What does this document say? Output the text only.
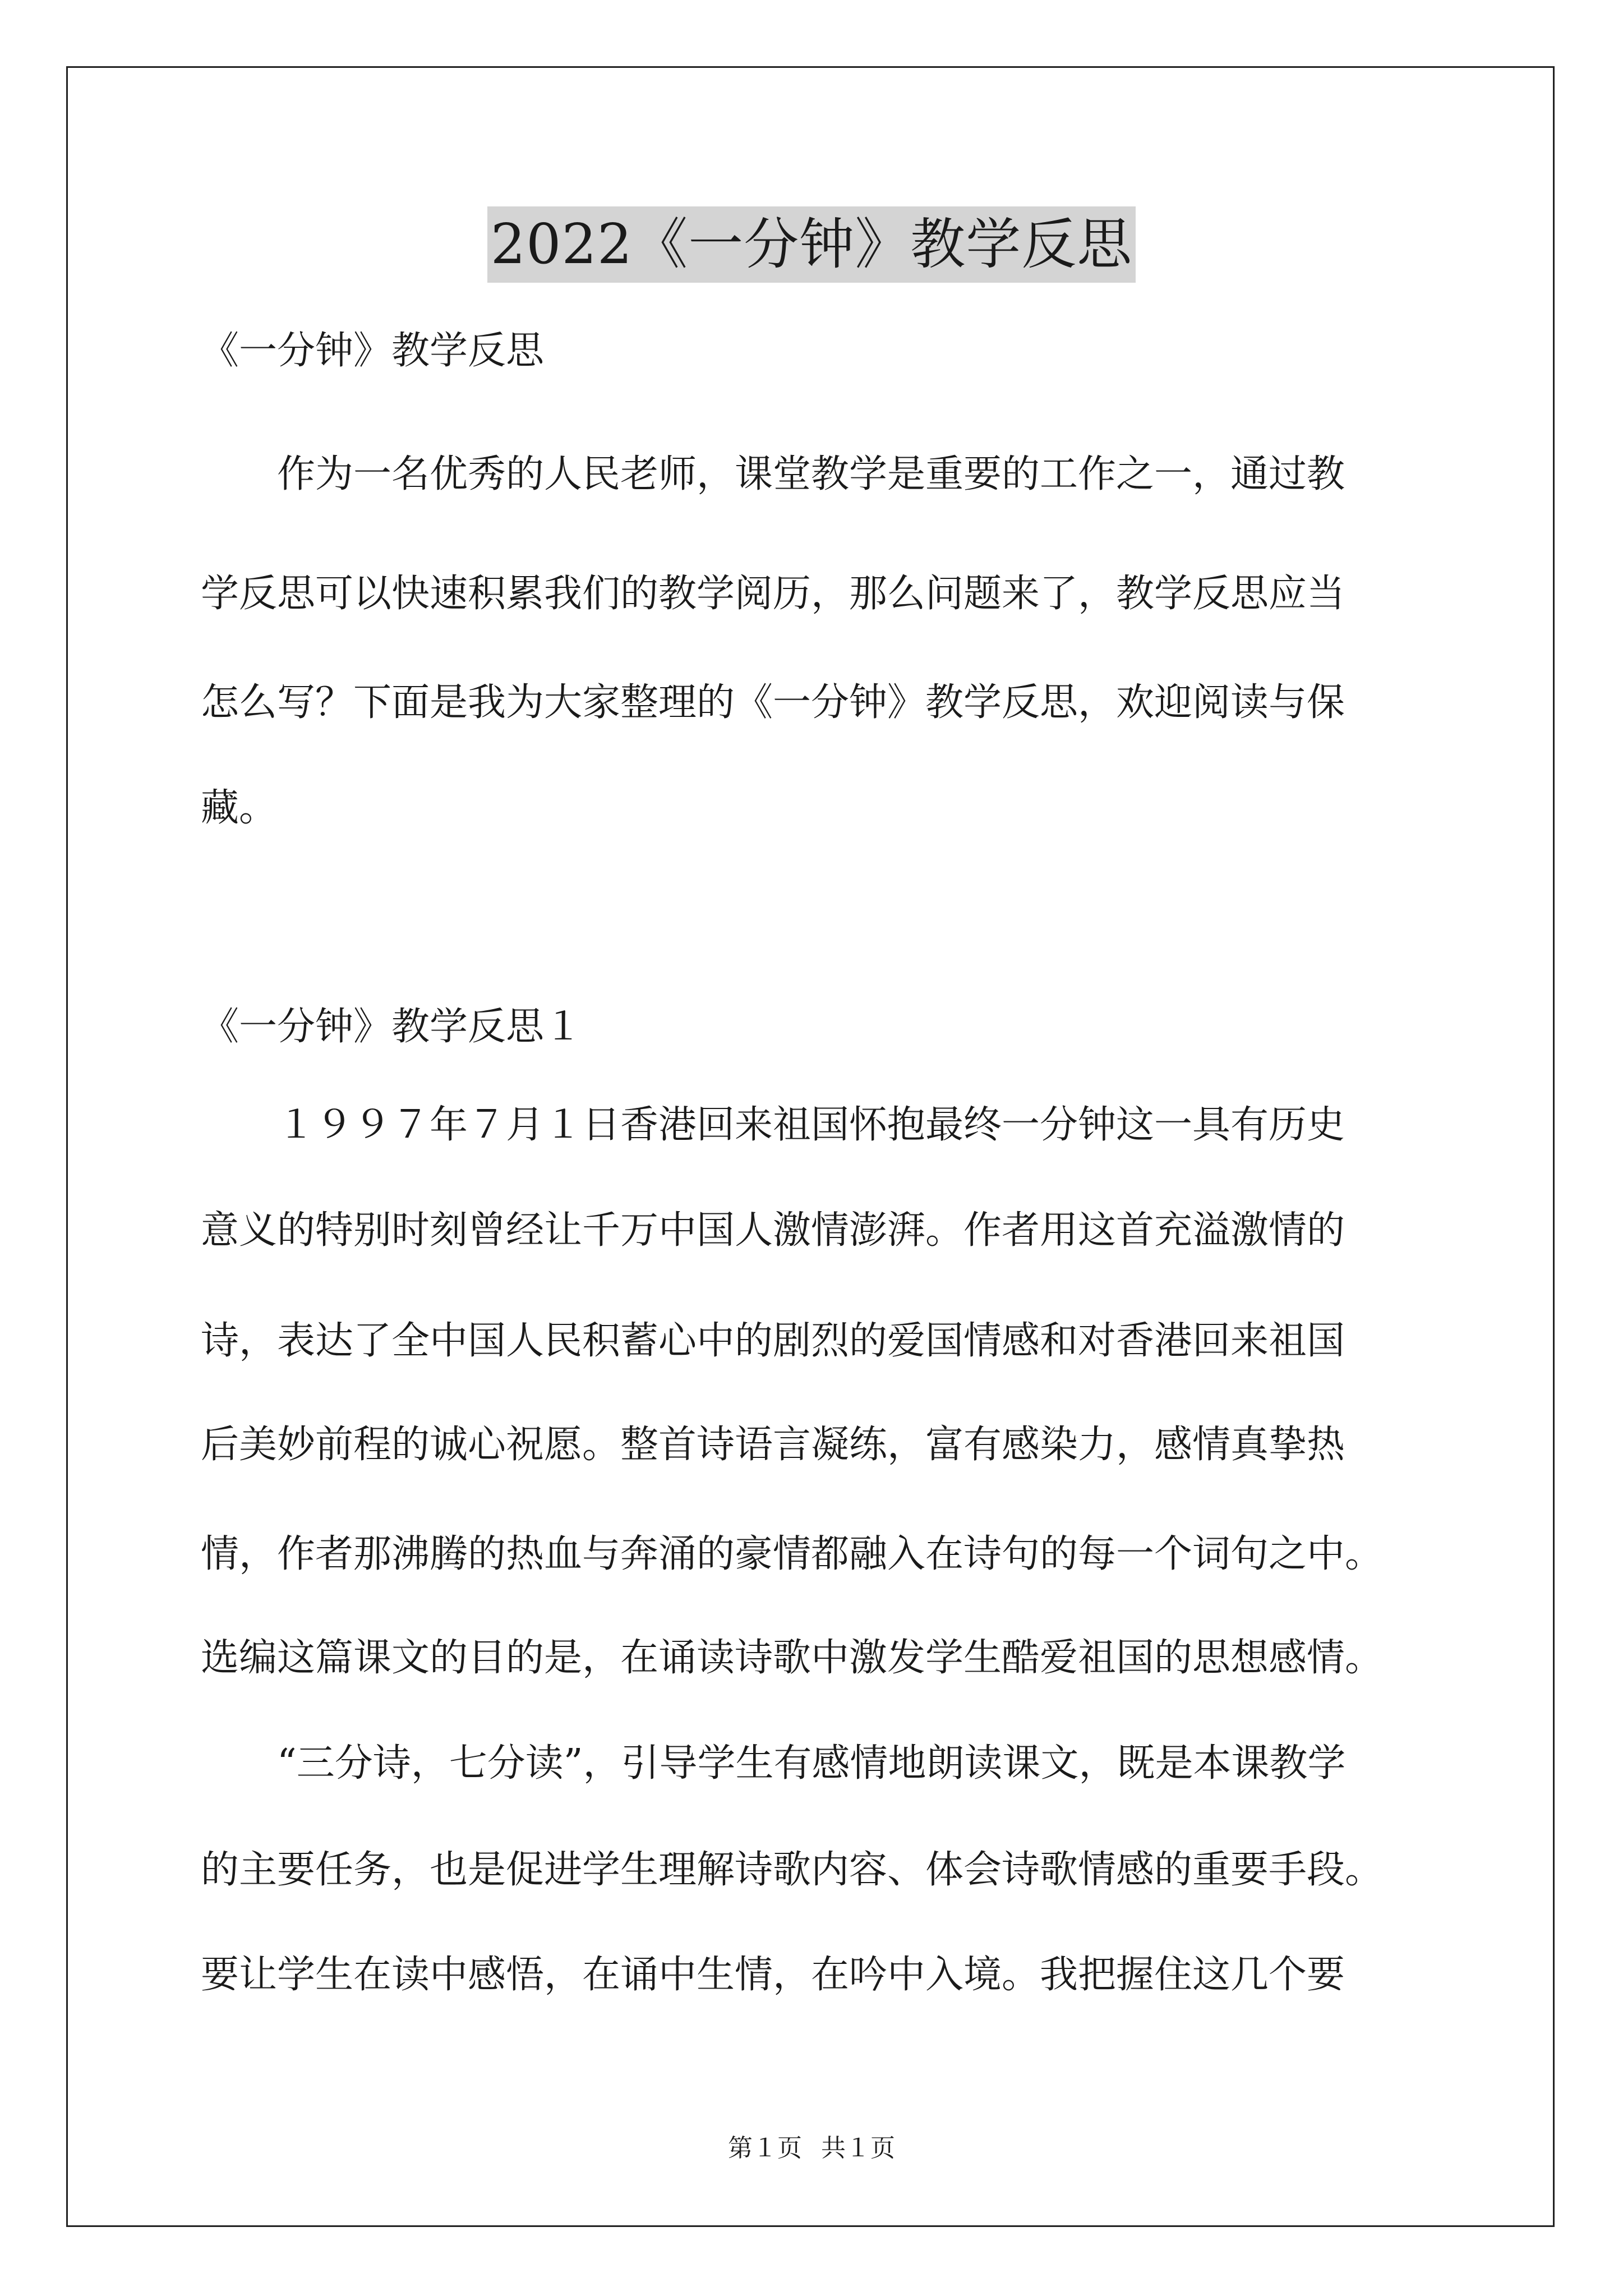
2022《一分钟》教学反思

《一分钟》教学反思

　　作为一名优秀的人民老师，课堂教学是重要的工作之一，通过教

学反思可以快速积累我们的教学阅历，那么问题来了，教学反思应当

怎么写？下面是我为大家整理的《一分钟》教学反思，欢迎阅读与保

藏。

《一分钟》教学反思１

　　１９９７年７月１日香港回来祖国怀抱最终一分钟这一具有历史

意义的特别时刻曾经让千万中国人激情澎湃。作者用这首充溢激情的

诗，表达了全中国人民积蓄心中的剧烈的爱国情感和对香港回来祖国

后美妙前程的诚心祝愿。整首诗语言凝练，富有感染力，感情真挚热

情，作者那沸腾的热血与奔涌的豪情都融入在诗句的每一个词句之中。

选编这篇课文的目的是，在诵读诗歌中激发学生酷爱祖国的思想感情。

　　“三分诗，七分读”，引导学生有感情地朗读课文，既是本课教学

的主要任务，也是促进学生理解诗歌内容、体会诗歌情感的重要手段。

要让学生在读中感悟，在诵中生情，在吟中入境。我把握住这几个要

第１页 共１页
